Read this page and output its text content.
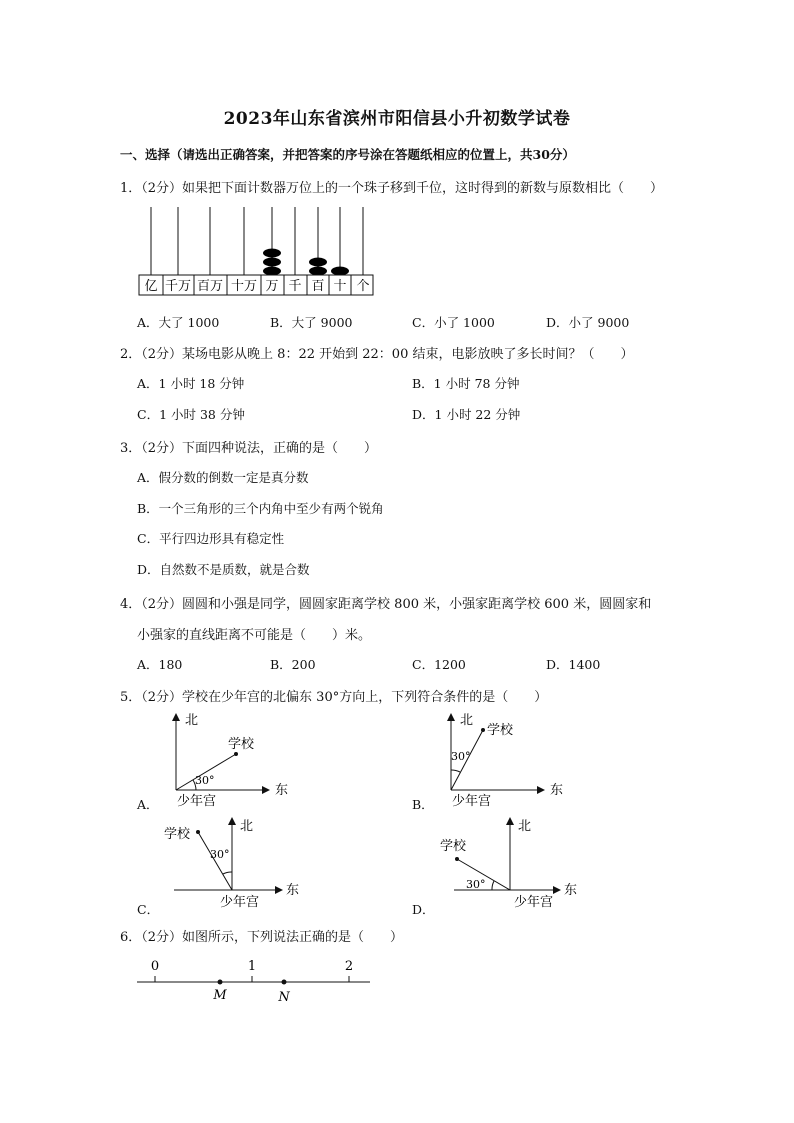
2023年山东省滨州市阳信县小升初数学试卷
一、选择（请选出正确答案，并把答案的序号涂在答题纸相应的位置上，共30分）
1．（2分）如果把下面计数器万位上的一个珠子移到千位，这时得到的新数与原数相比（　　）
亿 千万 百万 十万 万 千 百 十 个
A．大了 1000	B．大了 9000	C．小了 1000	D．小了 9000
2．（2分）某场电影从晚上 8：22 开始到 22：00 结束，电影放映了多长时间？（　　）
A．1 小时 18 分钟	B．1 小时 78 分钟
C．1 小时 38 分钟	D．1 小时 22 分钟
3．（2分）下面四种说法，正确的是（　　）
A．假分数的倒数一定是真分数
B．一个三角形的三个内角中至少有两个锐角
C．平行四边形具有稳定性
D．自然数不是质数，就是合数
4．（2分）圆圆和小强是同学，圆圆家距离学校 800 米，小强家距离学校 600 米，圆圆家和
小强家的直线距离不可能是（　　）米。
A．180	B．200	C．1200	D．1400
5．（2分）学校在少年宫的北偏东 30°方向上，下列符合条件的是（　　）
A．
北
东
学校
30°
少年宫	B．
北
东
学校
30°
少年宫
C．
北
东
学校
30°
少年宫	D．
北
东
学校
30°
少年宫
6．（2分）如图所示，下列说法正确的是（　　）
0	1	2
M	N
